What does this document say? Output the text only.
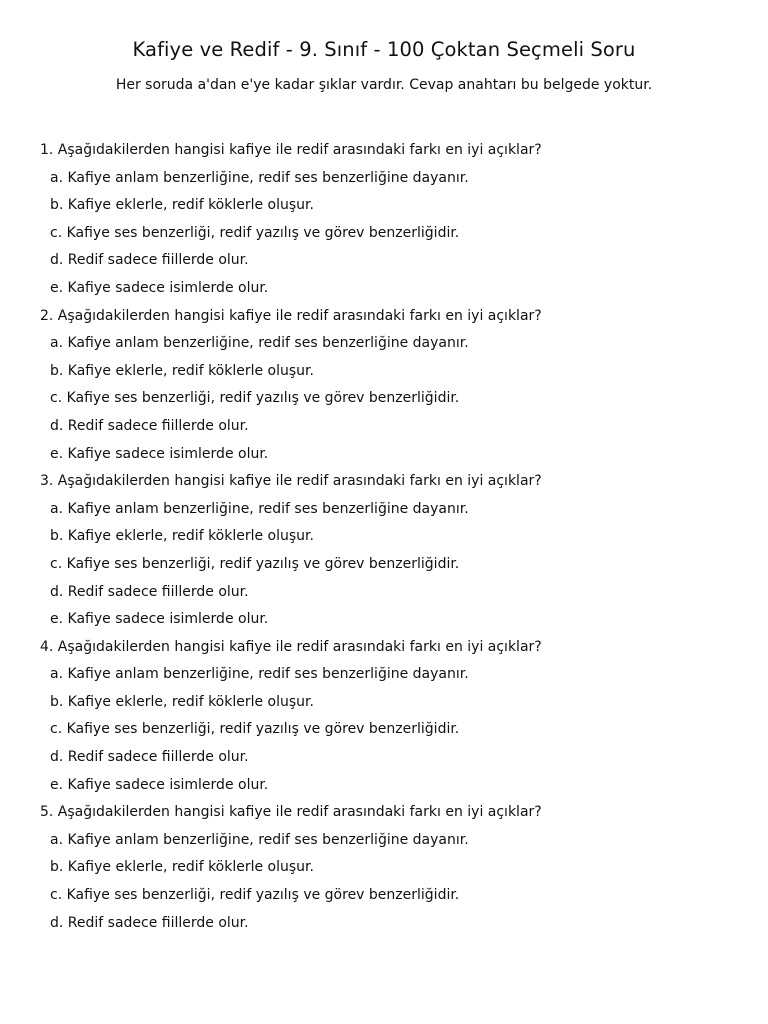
Kafiye ve Redif - 9. Sınıf - 100 Çoktan Seçmeli Soru
Her soruda a'dan e'ye kadar şıklar vardır. Cevap anahtarı bu belgede yoktur.
1. Aşağıdakilerden hangisi kafiye ile redif arasındaki farkı en iyi açıklar?
a. Kafiye anlam benzerliğine, redif ses benzerliğine dayanır.
b. Kafiye eklerle, redif köklerle oluşur.
c. Kafiye ses benzerliği, redif yazılış ve görev benzerliğidir.
d. Redif sadece fiillerde olur.
e. Kafiye sadece isimlerde olur.
2. Aşağıdakilerden hangisi kafiye ile redif arasındaki farkı en iyi açıklar?
a. Kafiye anlam benzerliğine, redif ses benzerliğine dayanır.
b. Kafiye eklerle, redif köklerle oluşur.
c. Kafiye ses benzerliği, redif yazılış ve görev benzerliğidir.
d. Redif sadece fiillerde olur.
e. Kafiye sadece isimlerde olur.
3. Aşağıdakilerden hangisi kafiye ile redif arasındaki farkı en iyi açıklar?
a. Kafiye anlam benzerliğine, redif ses benzerliğine dayanır.
b. Kafiye eklerle, redif köklerle oluşur.
c. Kafiye ses benzerliği, redif yazılış ve görev benzerliğidir.
d. Redif sadece fiillerde olur.
e. Kafiye sadece isimlerde olur.
4. Aşağıdakilerden hangisi kafiye ile redif arasındaki farkı en iyi açıklar?
a. Kafiye anlam benzerliğine, redif ses benzerliğine dayanır.
b. Kafiye eklerle, redif köklerle oluşur.
c. Kafiye ses benzerliği, redif yazılış ve görev benzerliğidir.
d. Redif sadece fiillerde olur.
e. Kafiye sadece isimlerde olur.
5. Aşağıdakilerden hangisi kafiye ile redif arasındaki farkı en iyi açıklar?
a. Kafiye anlam benzerliğine, redif ses benzerliğine dayanır.
b. Kafiye eklerle, redif köklerle oluşur.
c. Kafiye ses benzerliği, redif yazılış ve görev benzerliğidir.
d. Redif sadece fiillerde olur.
